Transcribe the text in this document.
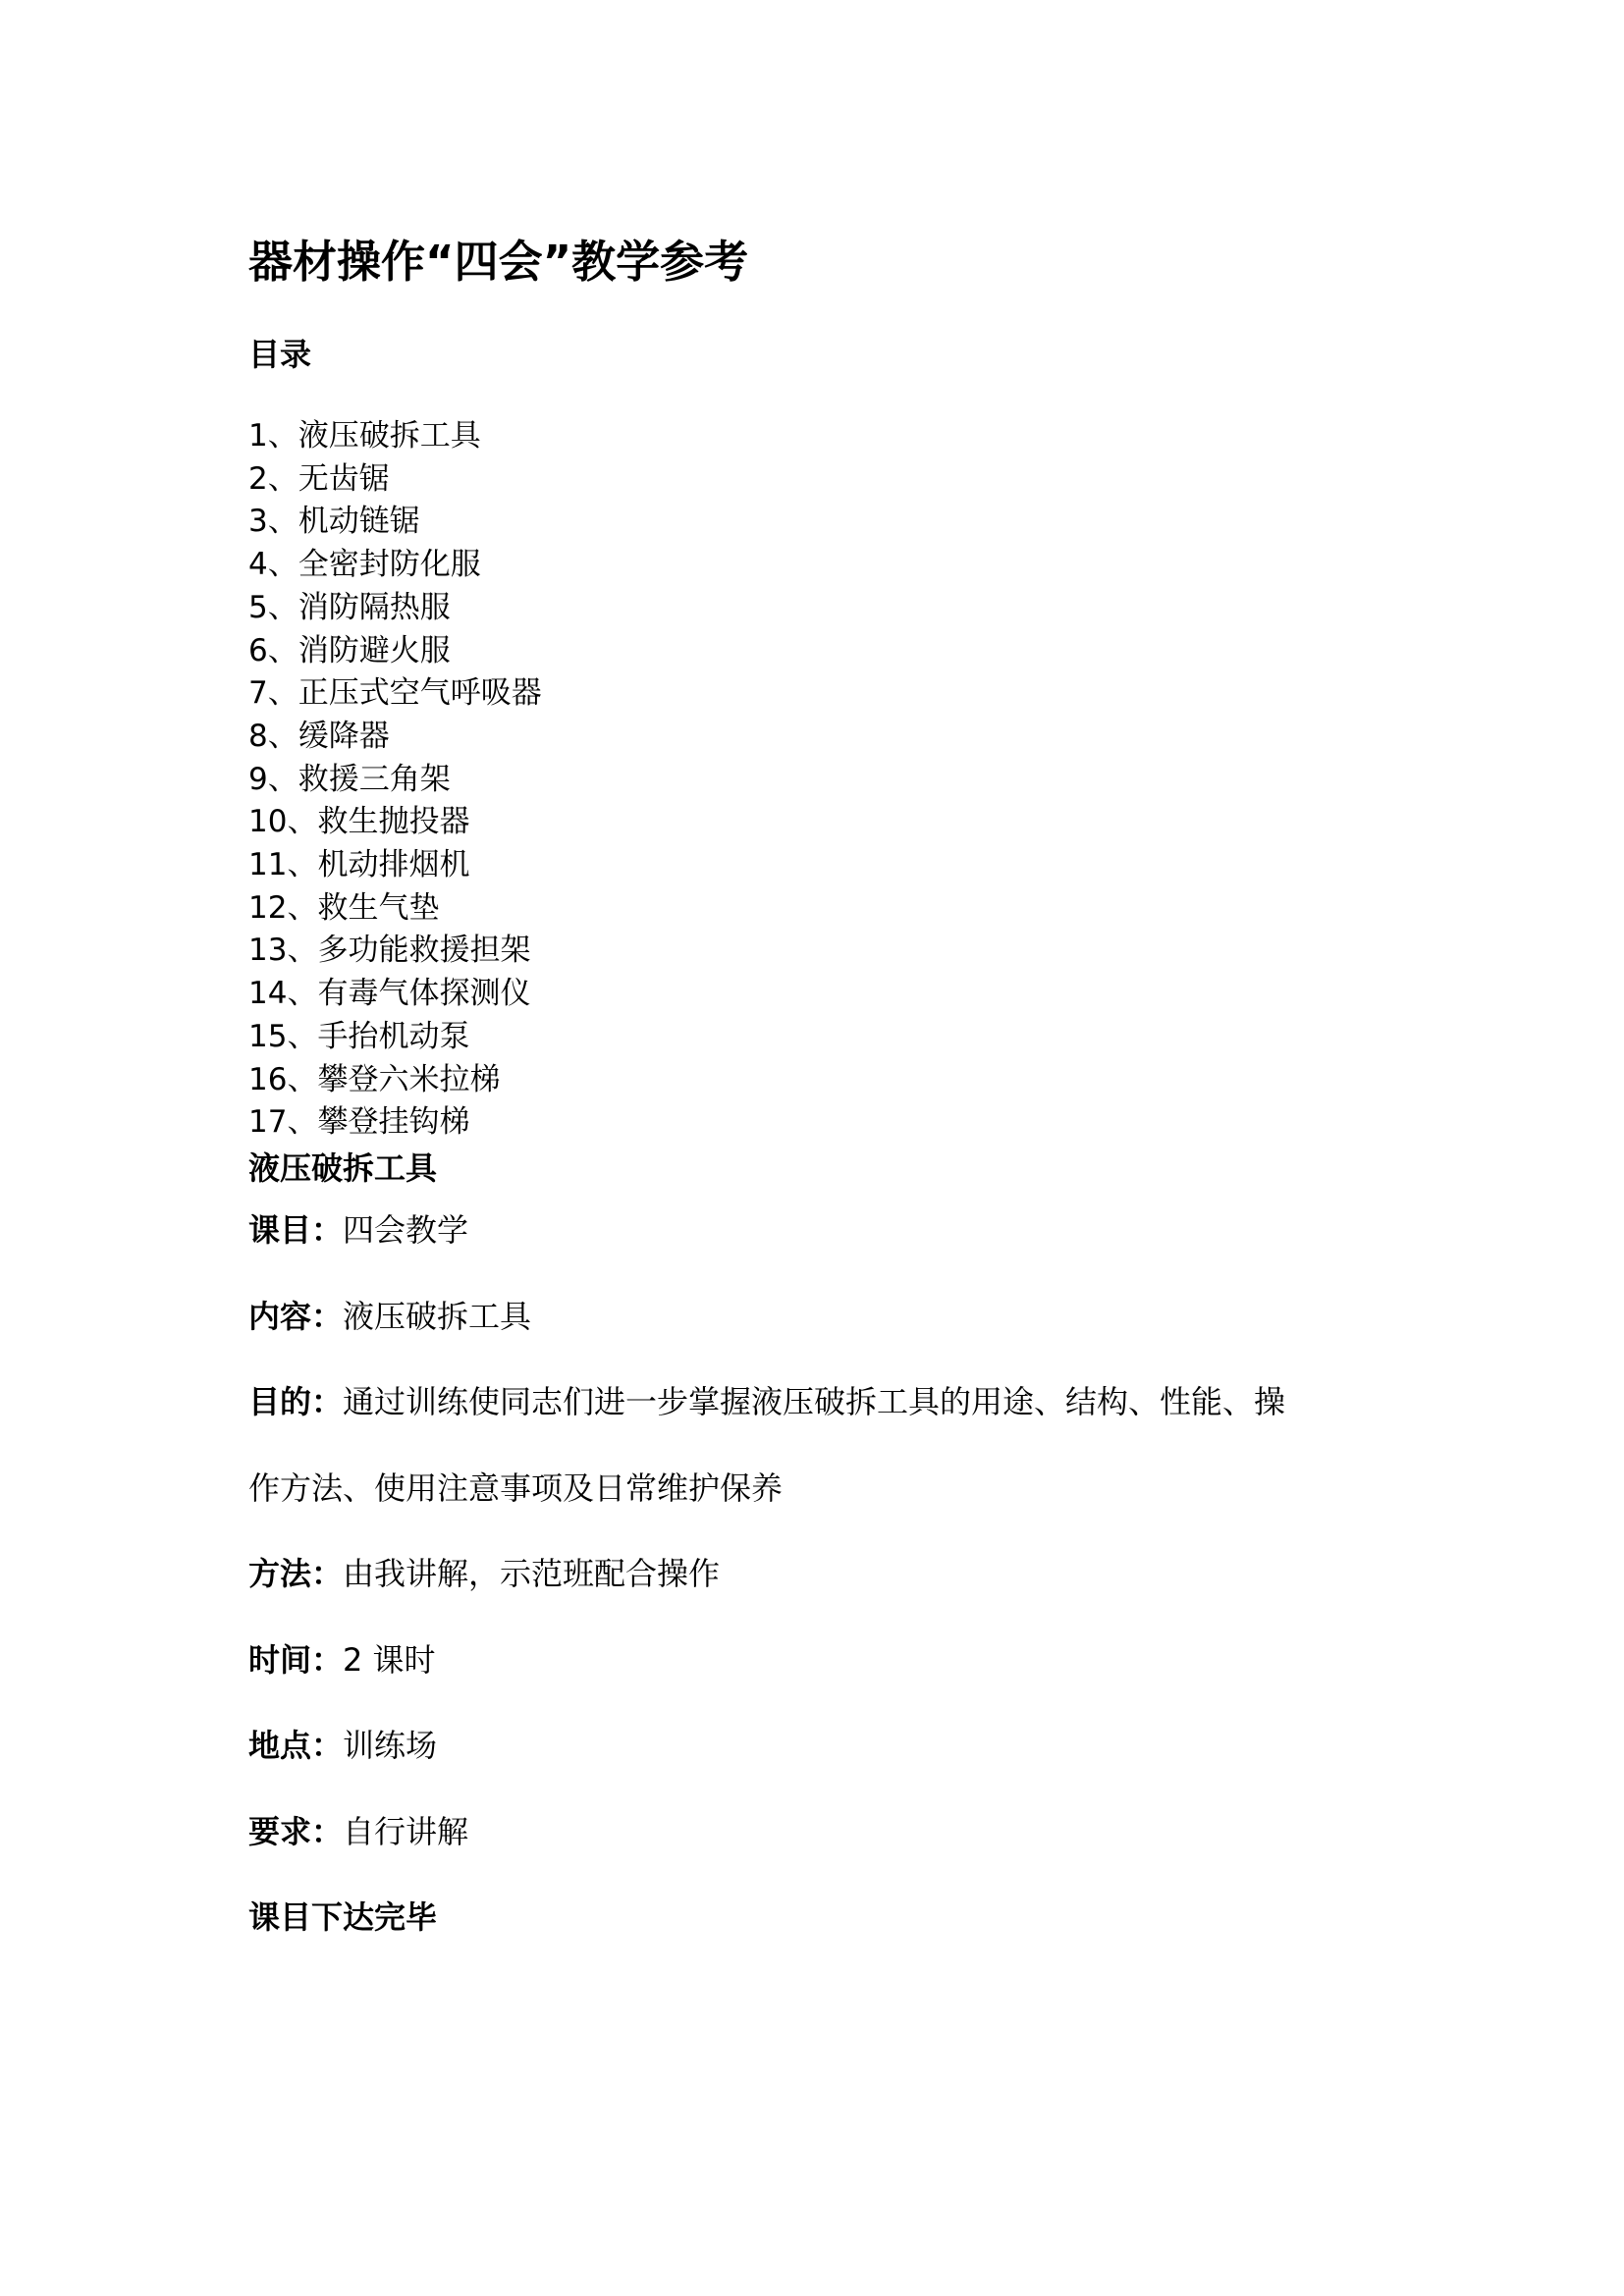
器材操作“四会”教学参考
目录
1、液压破拆工具
2、无齿锯
3、机动链锯
4、全密封防化服
5、消防隔热服
6、消防避火服
7、正压式空气呼吸器
8、缓降器
9、救援三角架
10、救生抛投器
11、机动排烟机
12、救生气垫
13、多功能救援担架
14、有毒气体探测仪
15、手抬机动泵
16、攀登六米拉梯
17、攀登挂钩梯
液压破拆工具
课目：四会教学
内容：液压破拆工具
目的：通过训练使同志们进一步掌握液压破拆工具的用途、结构、性能、操
作方法、使用注意事项及日常维护保养
方法：由我讲解，示范班配合操作
时间：2 课时
地点：训练场
要求：自行讲解
课目下达完毕
